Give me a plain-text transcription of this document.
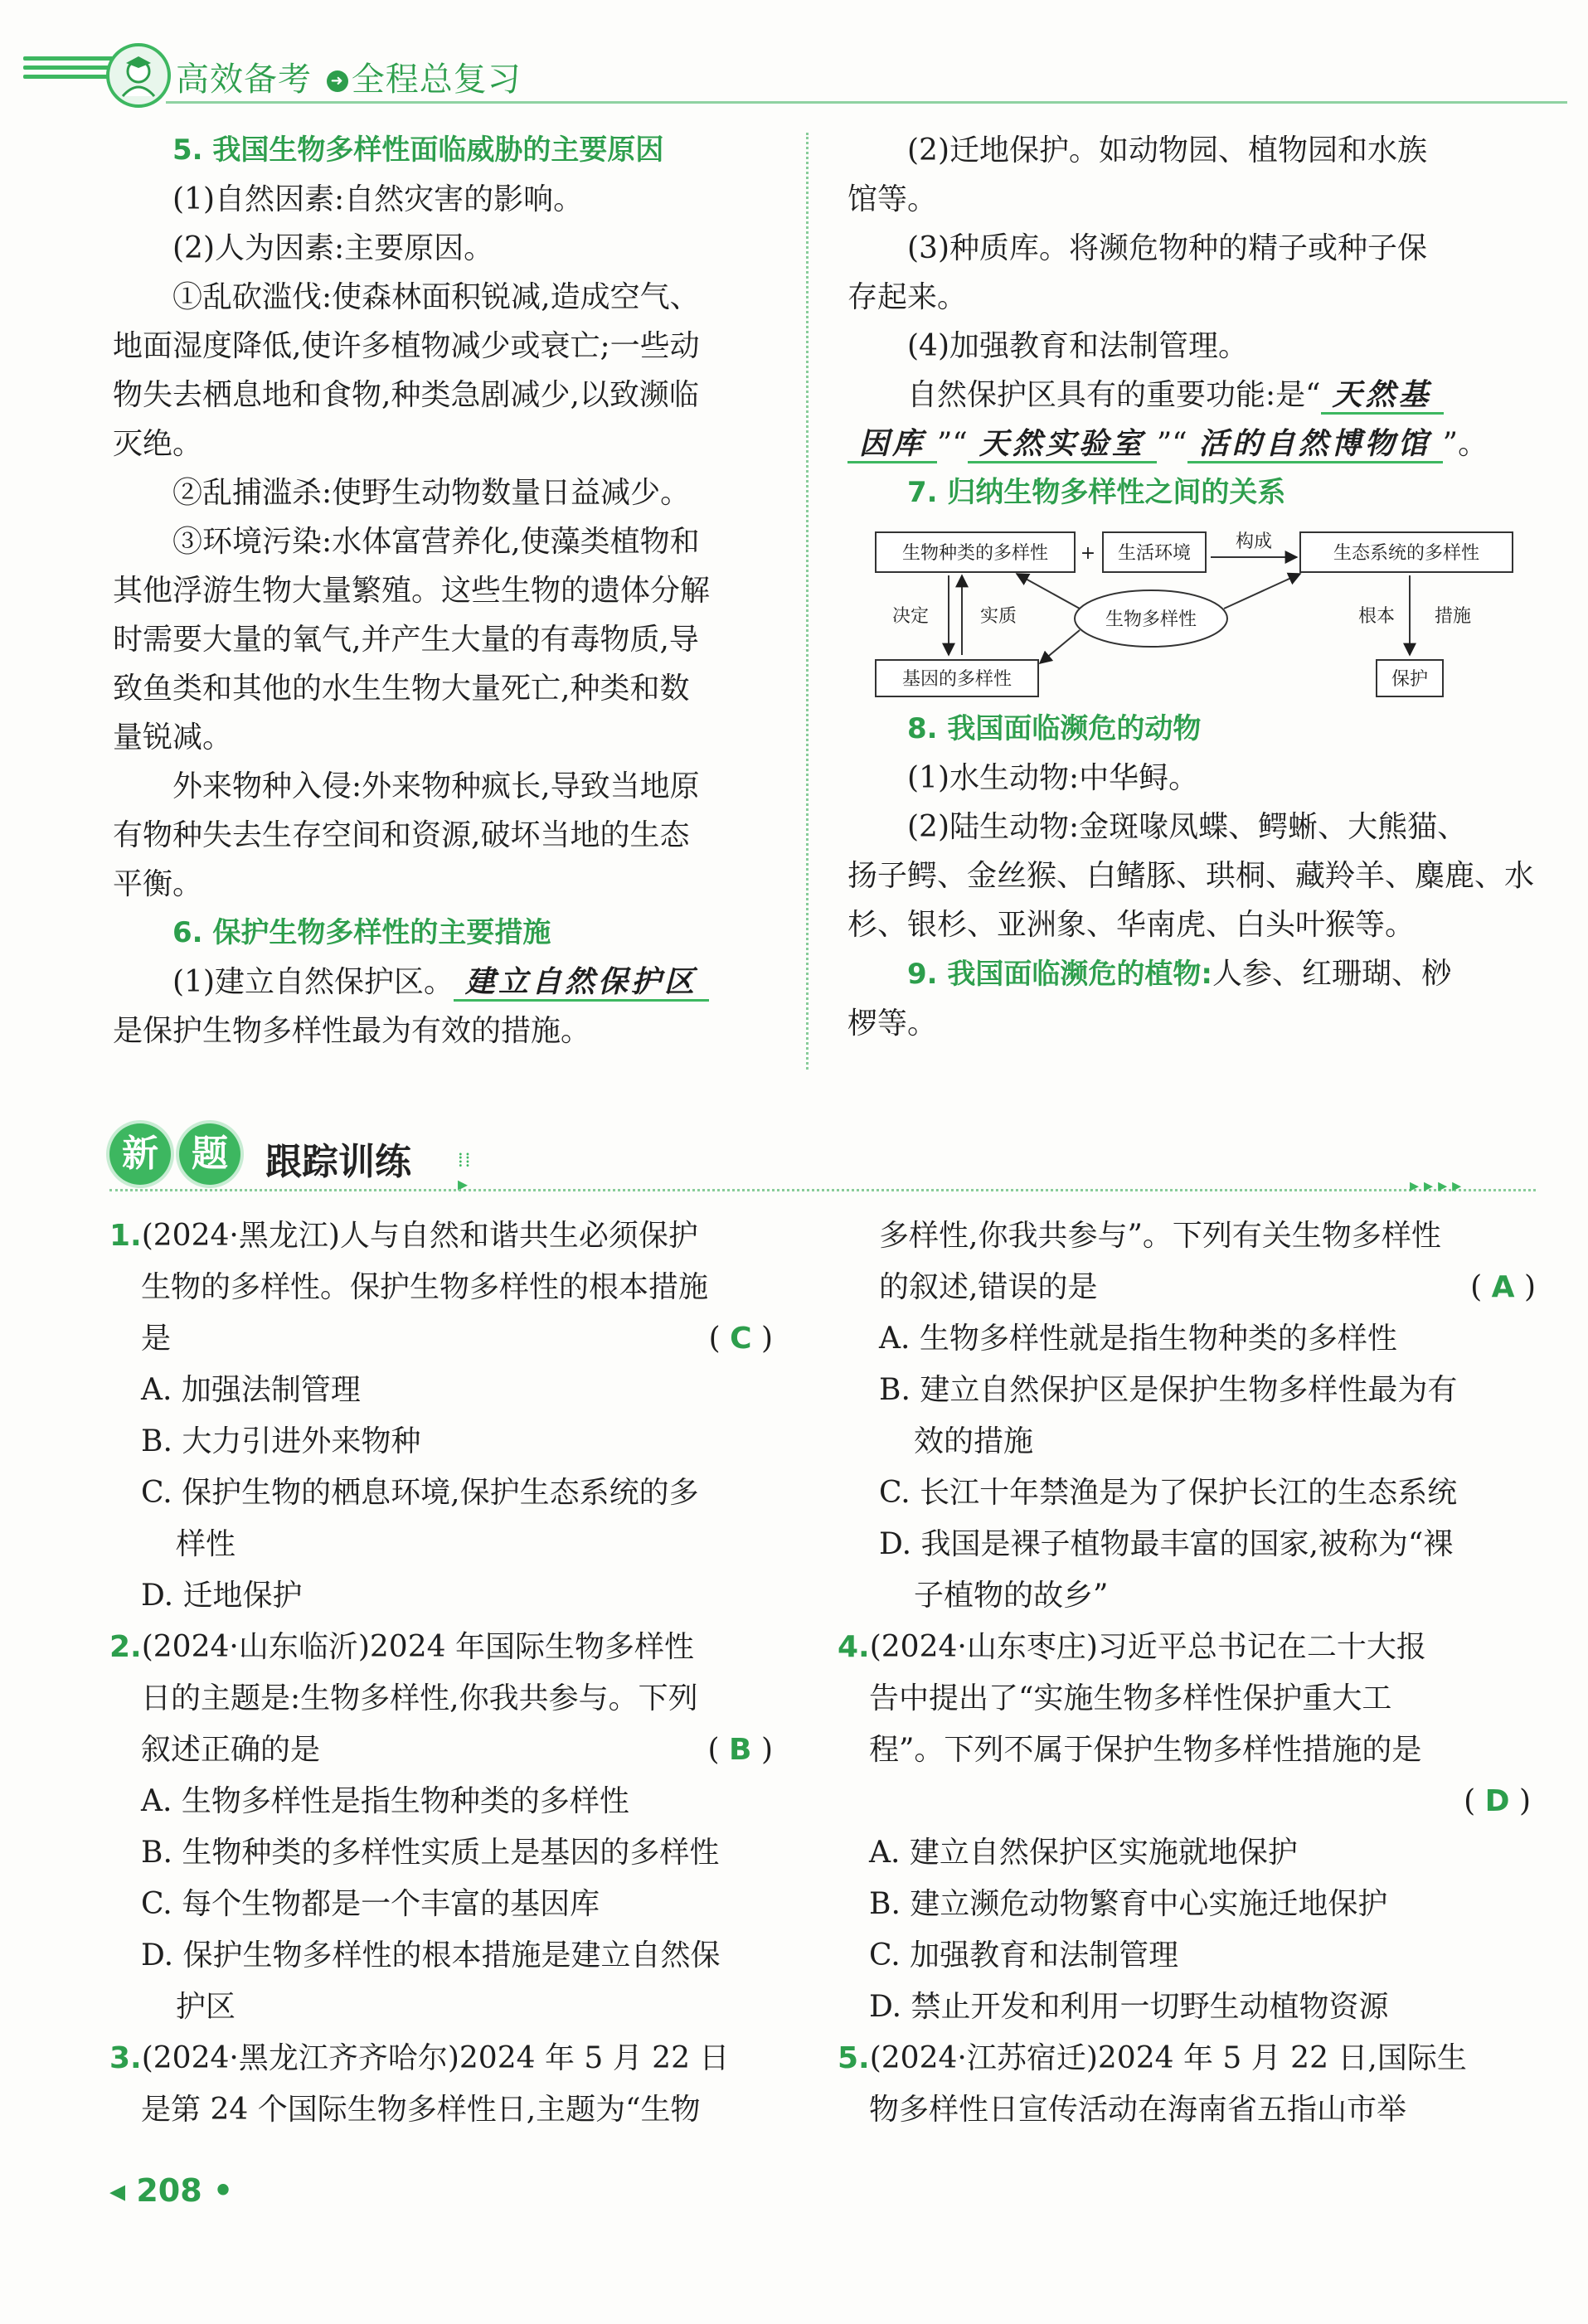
高效备考 ➜ 全程总复习

5. 我国生物多样性面临威胁的主要原因

(1)自然因素:自然灾害的影响。

(2)人为因素:主要原因。

①乱砍滥伐:使森林面积锐减,造成空气、

地面湿度降低,使许多植物减少或衰亡;一些动

物失去栖息地和食物,种类急剧减少,以致濒临

灭绝。

②乱捕滥杀:使野生动物数量日益减少。

③环境污染:水体富营养化,使藻类植物和

其他浮游生物大量繁殖。这些生物的遗体分解

时需要大量的氧气,并产生大量的有毒物质,导

致鱼类和其他的水生生物大量死亡,种类和数

量锐减。

外来物种入侵:外来物种疯长,导致当地原

有物种失去生存空间和资源,破坏当地的生态

平衡。

6. 保护生物多样性的主要措施

(1)建立自然保护区。 建立自然保护区

是保护生物多样性最为有效的措施。

(2)迁地保护。如动物园、植物园和水族

馆等。

(3)种质库。将濒危物种的精子或种子保

存起来。

(4)加强教育和法制管理。

自然保护区具有的重要功能:是“ 天然基

因库 ”“ 天然实验室 ”“ 活的自然博物馆 ”。

7. 归纳生物多样性之间的关系

生物种类的多样性 + 生活环境
构成
生态系统的多样性
决定	实质	生物多样性
基因的多样性
根本 措施
保护

8. 我国面临濒危的动物

(1)水生动物:中华鲟。

(2)陆生动物:金斑喙凤蝶、鳄蜥、大熊猫、

扬子鳄、金丝猴、白鳍豚、珙桐、藏羚羊、麋鹿、水

杉、银杉、亚洲象、华南虎、白头叶猴等。

9. 我国面临濒危的植物:人参、红珊瑚、桫

椤等。

新 题	跟踪训练 ⁞⁞▸	▸▸▸▸

1.(2024·黑龙江)人与自然和谐共生必须保护

生物的多样性。保护生物多样性的根本措施

是	( C )

A. 加强法制管理

B. 大力引进外来物种

C. 保护生物的栖息环境,保护生态系统的多

样性

D. 迁地保护

2.(2024·山东临沂)2024 年国际生物多样性

日的主题是:生物多样性,你我共参与。下列

叙述正确的是	( B )

A. 生物多样性是指生物种类的多样性

B. 生物种类的多样性实质上是基因的多样性

C. 每个生物都是一个丰富的基因库

D. 保护生物多样性的根本措施是建立自然保

护区

3.(2024·黑龙江齐齐哈尔)2024 年 5 月 22 日

是第 24 个国际生物多样性日,主题为“生物

多样性,你我共参与”。下列有关生物多样性

的叙述,错误的是	( A )

A. 生物多样性就是指生物种类的多样性

B. 建立自然保护区是保护生物多样性最为有

效的措施

C. 长江十年禁渔是为了保护长江的生态系统

D. 我国是裸子植物最丰富的国家,被称为“裸

子植物的故乡”

4.(2024·山东枣庄)习近平总书记在二十大报

告中提出了“实施生物多样性保护重大工

程”。下列不属于保护生物多样性措施的是

( D )

A. 建立自然保护区实施就地保护

B. 建立濒危动物繁育中心实施迁地保护

C. 加强教育和法制管理

D. 禁止开发和利用一切野生动植物资源

5.(2024·江苏宿迁)2024 年 5 月 22 日,国际生

物多样性日宣传活动在海南省五指山市举

◂ 208 •
